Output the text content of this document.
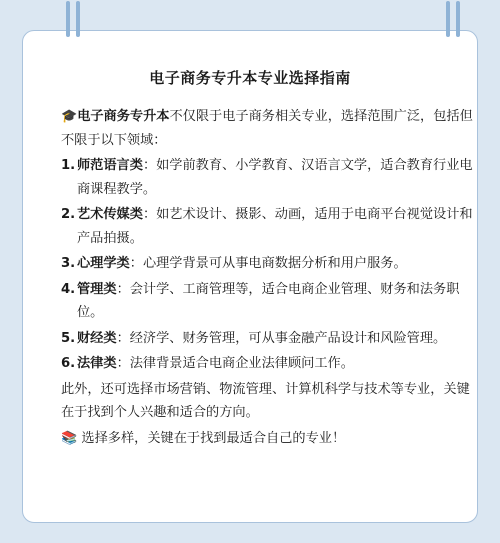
电子商务专升本专业选择指南

🎓电子商务专升本不仅限于电子商务相关专业，选择范围广泛，包括但不限于以下领域：

1. 师范语言类：如学前教育、小学教育、汉语言文学，适合教育行业电商课程教学。
2. 艺术传媒类：如艺术设计、摄影、动画，适用于电商平台视觉设计和产品拍摄。
3. 心理学类：心理学背景可从事电商数据分析和用户服务。
4. 管理类：会计学、工商管理等，适合电商企业管理、财务和法务职位。
5. 财经类：经济学、财务管理，可从事金融产品设计和风险管理。
6. 法律类：法律背景适合电商企业法律顾问工作。

此外，还可选择市场营销、物流管理、计算机科学与技术等专业，关键在于找到个人兴趣和适合的方向。

📚 选择多样，关键在于找到最适合自己的专业！
